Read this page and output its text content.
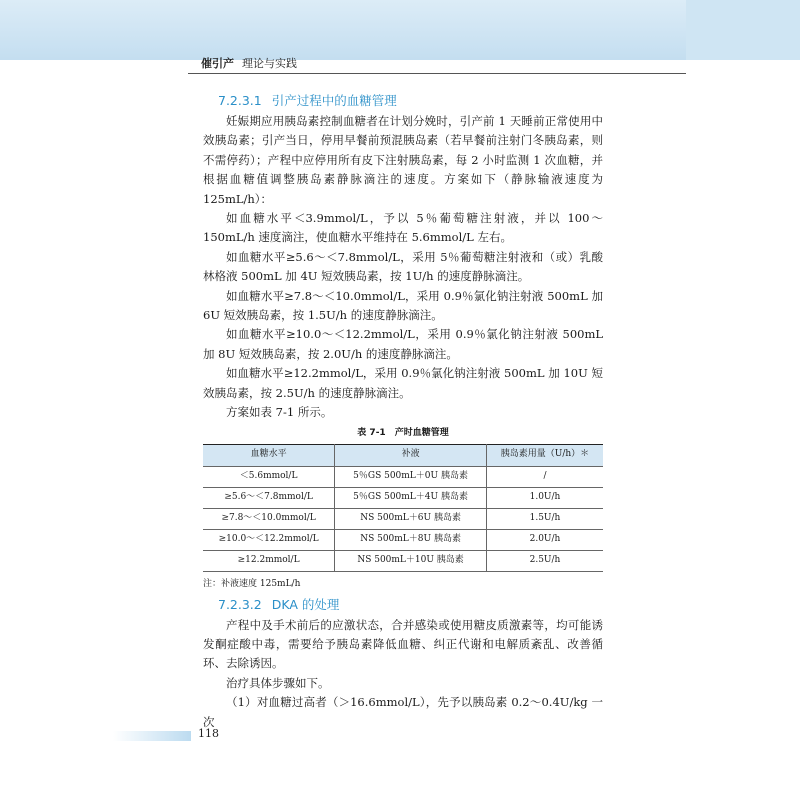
催引产 理论与实践
7.2.3.1 引产过程中的血糖管理

妊娠期应用胰岛素控制血糖者在计划分娩时，引产前 1 天睡前正常使用中效胰岛素；引产当日，停用早餐前预混胰岛素（若早餐前注射门冬胰岛素，则不需停药）；产程中应停用所有皮下注射胰岛素，每 2 小时监测 1 次血糖，并根据血糖值调整胰岛素静脉滴注的速度。方案如下（静脉输液速度为125mL/h）：

如血糖水平＜3.9mmol/L，予以 5％葡萄糖注射液，并以 100～150mL/h 速度滴注，使血糖水平维持在 5.6mmol/L 左右。

如血糖水平≥5.6～＜7.8mmol/L，采用 5％葡萄糖注射液和（或）乳酸林格液 500mL 加 4U 短效胰岛素，按 1U/h 的速度静脉滴注。

如血糖水平≥7.8～＜10.0mmol/L，采用 0.9％氯化钠注射液 500mL 加 6U 短效胰岛素，按 1.5U/h 的速度静脉滴注。

如血糖水平≥10.0～＜12.2mmol/L，采用 0.9％氯化钠注射液 500mL 加 8U 短效胰岛素，按 2.0U/h 的速度静脉滴注。

如血糖水平≥12.2mmol/L，采用 0.9％氯化钠注射液 500mL 加 10U 短效胰岛素，按 2.5U/h 的速度静脉滴注。

方案如表 7-1 所示。

表 7-1　产时血糖管理
血糖水平	补液	胰岛素用量（U/h）＊
＜5.6mmol/L	5％GS 500mL＋0U 胰岛素	/
≥5.6～＜7.8mmol/L	5％GS 500mL＋4U 胰岛素	1.0U/h
≥7.8～＜10.0mmol/L	NS 500mL＋6U 胰岛素	1.5U/h
≥10.0～＜12.2mmol/L	NS 500mL＋8U 胰岛素	2.0U/h
≥12.2mmol/L	NS 500mL＋10U 胰岛素	2.5U/h
注：补液速度 125mL/h
7.2.3.2 DKA 的处理

产程中及手术前后的应激状态，合并感染或使用糖皮质激素等，均可能诱发酮症酸中毒，需要给予胰岛素降低血糖、纠正代谢和电解质紊乱、改善循环、去除诱因。

治疗具体步骤如下。

（1）对血糖过高者（＞16.6mmol/L），先予以胰岛素 0.2～0.4U/kg 一次

118
